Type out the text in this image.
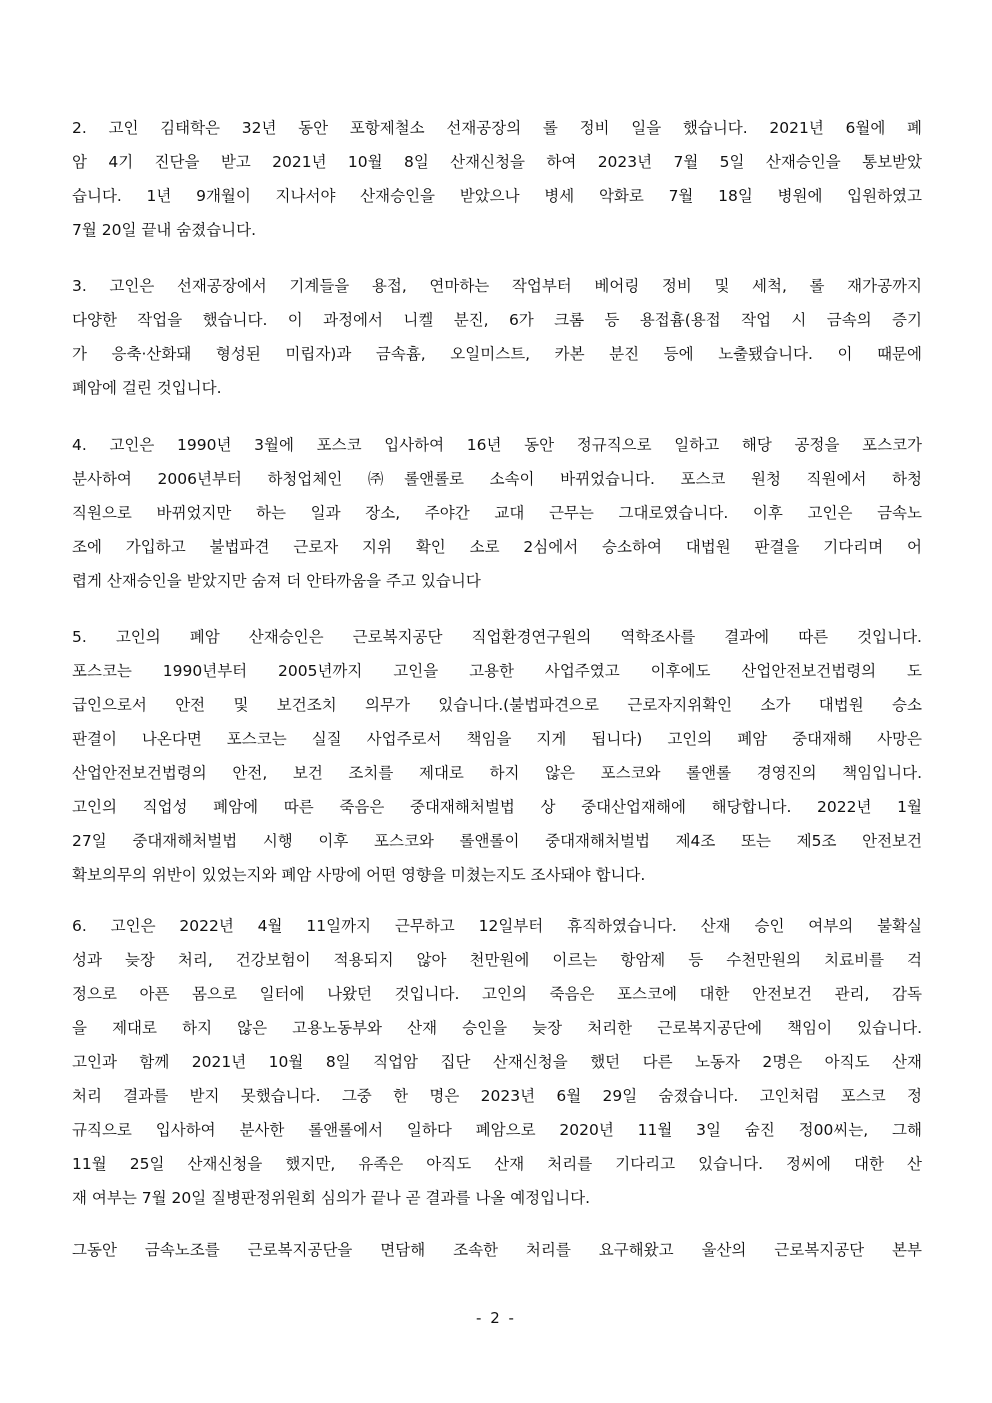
2. 고인 김태학은 32년 동안 포항제철소 선재공장의 롤 정비 일을 했습니다. 2021년 6월에 폐
암 4기 진단을 받고 2021년 10월 8일 산재신청을 하여 2023년 7월 5일 산재승인을 통보받았
습니다. 1년 9개월이 지나서야 산재승인을 받았으나 병세 악화로 7월 18일 병원에 입원하였고
7월 20일 끝내 숨졌습니다.
3. 고인은 선재공장에서 기계들을 용접, 연마하는 작업부터 베어링 정비 및 세척, 롤 재가공까지
다양한 작업을 했습니다. 이 과정에서 니켈 분진, 6가 크롬 등 용접흄(용접 작업 시 금속의 증기
가 응축·산화돼 형성된 미립자)과 금속흄, 오일미스트, 카본 분진 등에 노출됐습니다. 이 때문에
폐암에 걸린 것입니다.
4. 고인은 1990년 3월에 포스코 입사하여 16년 동안 정규직으로 일하고 해당 공정을 포스코가
분사하여 2006년부터 하청업체인 ㈜롤앤롤로 소속이 바뀌었습니다. 포스코 원청 직원에서 하청
직원으로 바뀌었지만 하는 일과 장소, 주야간 교대 근무는 그대로였습니다. 이후 고인은 금속노
조에 가입하고 불법파견 근로자 지위 확인 소로 2심에서 승소하여 대법원 판결을 기다리며 어
렵게 산재승인을 받았지만 숨져 더 안타까움을 주고 있습니다
5. 고인의 폐암 산재승인은 근로복지공단 직업환경연구원의 역학조사를 결과에 따른 것입니다.
포스코는 1990년부터 2005년까지 고인을 고용한 사업주였고 이후에도 산업안전보건법령의 도
급인으로서 안전 및 보건조치 의무가 있습니다.(불법파견으로 근로자지위확인 소가 대법원 승소
판결이 나온다면 포스코는 실질 사업주로서 책임을 지게 됩니다) 고인의 폐암 중대재해 사망은
산업안전보건법령의 안전, 보건 조치를 제대로 하지 않은 포스코와 롤앤롤 경영진의 책임입니다.
고인의 직업성 폐암에 따른 죽음은 중대재해처벌법 상 중대산업재해에 해당합니다. 2022년 1월
27일 중대재해처벌법 시행 이후 포스코와 롤앤롤이 중대재해처벌법 제4조 또는 제5조 안전보건
확보의무의 위반이 있었는지와 폐암 사망에 어떤 영향을 미쳤는지도 조사돼야 합니다.
6. 고인은 2022년 4월 11일까지 근무하고 12일부터 휴직하였습니다. 산재 승인 여부의 불확실
성과 늦장 처리, 건강보험이 적용되지 않아 천만원에 이르는 항암제 등 수천만원의 치료비를 걱
정으로 아픈 몸으로 일터에 나왔던 것입니다. 고인의 죽음은 포스코에 대한 안전보건 관리, 감독
을 제대로 하지 않은 고용노동부와 산재 승인을 늦장 처리한 근로복지공단에 책임이 있습니다.
고인과 함께 2021년 10월 8일 직업암 집단 산재신청을 했던 다른 노동자 2명은 아직도 산재
처리 결과를 받지 못했습니다. 그중 한 명은 2023년 6월 29일 숨졌습니다. 고인처럼 포스코 정
규직으로 입사하여 분사한 롤앤롤에서 일하다 폐암으로 2020년 11월 3일 숨진 정00씨는, 그해
11월 25일 산재신청을 했지만, 유족은 아직도 산재 처리를 기다리고 있습니다. 정씨에 대한 산
재 여부는 7월 20일 질병판정위원회 심의가 끝나 곧 결과를 나올 예정입니다.
그동안 금속노조를 근로복지공단을 면담해 조속한 처리를 요구해왔고 울산의 근로복지공단 본부
- 2 -
